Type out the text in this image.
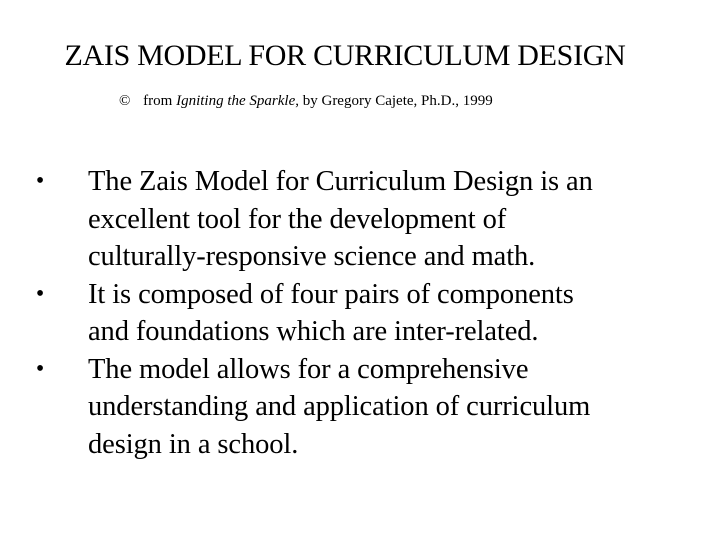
ZAIS MODEL FOR CURRICULUM DESIGN
© from Igniting the Sparkle, by Gregory Cajete, Ph.D., 1999
• The Zais Model for Curriculum Design is an
excellent tool for the development of
culturally-responsive science and math.
• It is composed of four pairs of components
and foundations which are inter-related.
• The model allows for a comprehensive
understanding and application of curriculum
design in a school.
